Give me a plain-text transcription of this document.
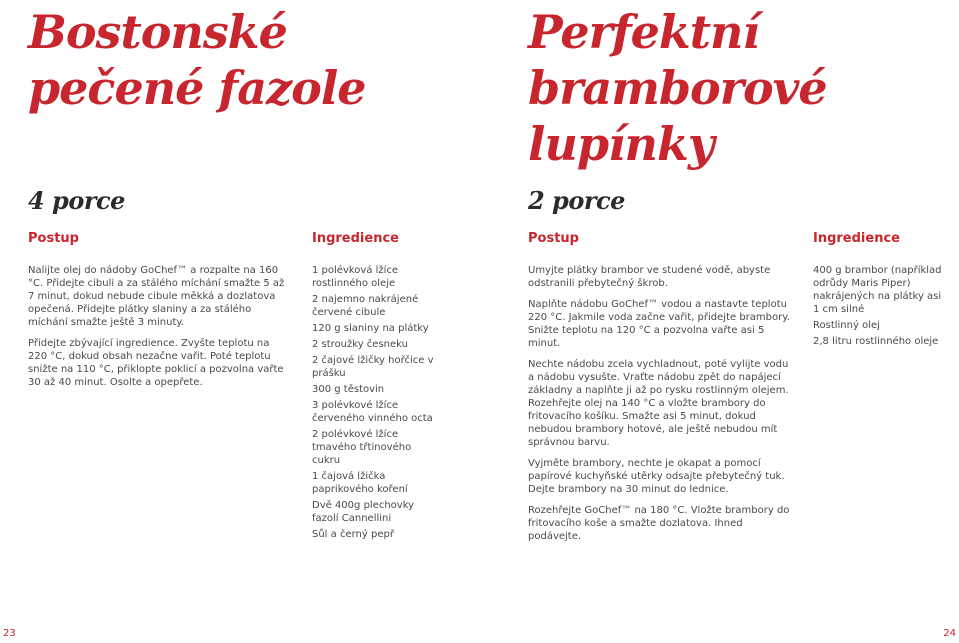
Bostonské
pečené fazole
4 porce
Postup	Ingredience

Nalijte olej do nádoby GoChef™ a rozpalte na 160 °C. Přidejte cibuli a za stálého míchání smažte 5 až 7 minut, dokud nebude cibule měkká a dozlatova opečená. Přidejte plátky slaniny a za stálého míchání smažte ještě 3 minuty.

Přidejte zbývající ingredience. Zvyšte teplotu na 220 °C, dokud obsah nezačne vařit. Poté teplotu snižte na 110 °C, přiklopte poklicí a pozvolna vařte 30 až 40 minut. Osolte a opepřete.

1 polévková lžíce rostlinného oleje
2 najemno nakrájené červené cibule
120 g slaniny na plátky
2 stroužky česneku
2 čajové lžičky hořčice v prášku
300 g těstovin
3 polévkové lžíce červeného vinného octa
2 polévkové lžíce tmavého třtinového cukru
1 čajová lžička paprikového koření
Dvě 400g plechovky fazolí Cannellini
Sůl a černý pepř
23
Perfektní
bramborové
lupínky
2 porce
Postup	Ingredience

Umyjte plátky brambor ve studené vodě, abyste odstranili přebytečný škrob.

Naplňte nádobu GoChef™ vodou a nastavte teplotu 220 °C. Jakmile voda začne vařit, přidejte brambory. Snižte teplotu na 120 °C a pozvolna vařte asi 5 minut.

Nechte nádobu zcela vychladnout, poté vylijte vodu a nádobu vysušte. Vraťte nádobu zpět do napájecí základny a naplňte ji až po rysku rostlinným olejem. Rozehřejte olej na 140 °C a vložte brambory do fritovacího košíku. Smažte asi 5 minut, dokud nebudou brambory hotové, ale ještě nebudou mít správnou barvu.

Vyjměte brambory, nechte je okapat a pomocí papírové kuchyňské utěrky odsajte přebytečný tuk. Dejte brambory na 30 minut do lednice.

Rozehřejte GoChef™ na 180 °C. Vložte brambory do fritovacího koše a smažte dozlatova. Ihned podávejte.

400 g brambor (například odrůdy Maris Piper) nakrájených na plátky asi 1 cm silné
Rostlinný olej
2,8 litru rostlinného oleje
24
